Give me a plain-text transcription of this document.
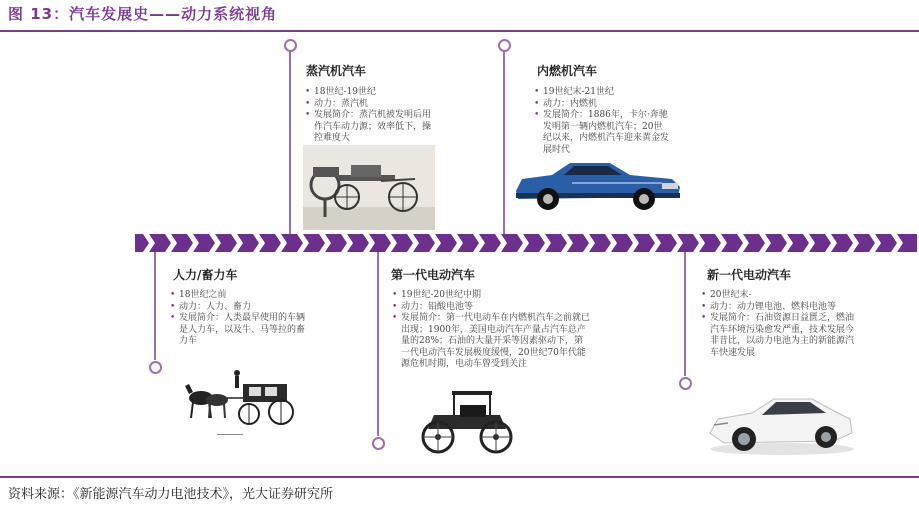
图 13：汽车发展史——动力系统视角
蒸汽机汽车
• 18世纪-19世纪
• 动力：蒸汽机
• 发展简介：蒸汽机被发明后用作汽车动力源；效率低下，操控难度大
内燃机汽车
• 19世纪末-21世纪
• 动力：内燃机
• 发展简介：1886年，卡尔·奔驰发明第一辆内燃机汽车；20世纪以来，内燃机汽车迎来黄金发展时代
人力/畜力车
• 18世纪之前
• 动力：人力、畜力
• 发展简介：人类最早使用的车辆是人力车，以及牛、马等拉的畜力车
第一代电动汽车
• 19世纪-20世纪中期
• 动力：铅酸电池等
• 发展简介：第一代电动车在内燃机汽车之前就已出现；1900年，美国电动汽车产量占汽车总产量的28%；石油的大量开采等因素驱动下，第一代电动汽车发展极度缓慢，20世纪70年代能源危机时期，电动车曾受到关注
新一代电动汽车
• 20世纪末-
• 动力：动力锂电池、燃料电池等
• 发展简介：石油资源日益匮乏，燃油汽车环境污染愈发严重，技术发展今非昔比，以动力电池为主的新能源汽车快速发展
资料来源：《新能源汽车动力电池技术》，光大证券研究所
